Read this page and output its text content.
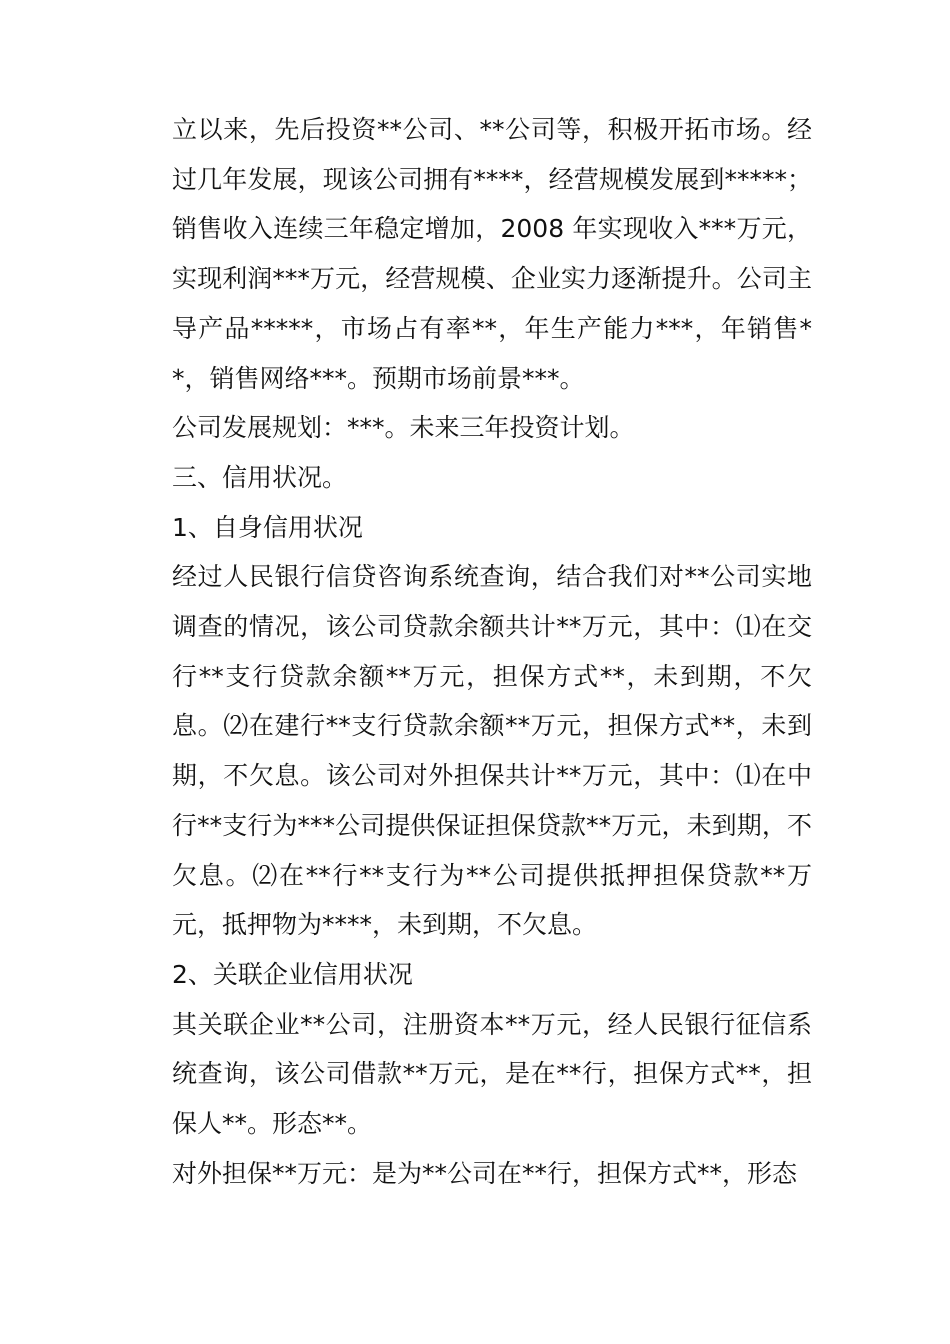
立以来，先后投资**公司、**公司等，积极开拓市场。经过几年发展，现该公司拥有****，经营规模发展到*****；销售收入连续三年稳定增加，2008 年实现收入***万元，实现利润***万元，经营规模、企业实力逐渐提升。公司主导产品*****，市场占有率**，年生产能力***，年销售**，销售网络***。预期市场前景***。

公司发展规划：***。未来三年投资计划。

三、信用状况。

1、自身信用状况

经过人民银行信贷咨询系统查询，结合我们对**公司实地调查的情况，该公司贷款余额共计**万元，其中：⑴在交行**支行贷款余额**万元，担保方式**，未到期，不欠息。⑵在建行**支行贷款余额**万元，担保方式**，未到期，不欠息。该公司对外担保共计**万元，其中：⑴在中行**支行为***公司提供保证担保贷款**万元，未到期，不欠息。⑵在**行**支行为**公司提供抵押担保贷款**万元，抵押物为****，未到期，不欠息。

2、关联企业信用状况

其关联企业**公司，注册资本**万元，经人民银行征信系统查询，该公司借款**万元，是在**行，担保方式**，担保人**。形态**。

对外担保**万元：是为**公司在**行，担保方式**，形态
